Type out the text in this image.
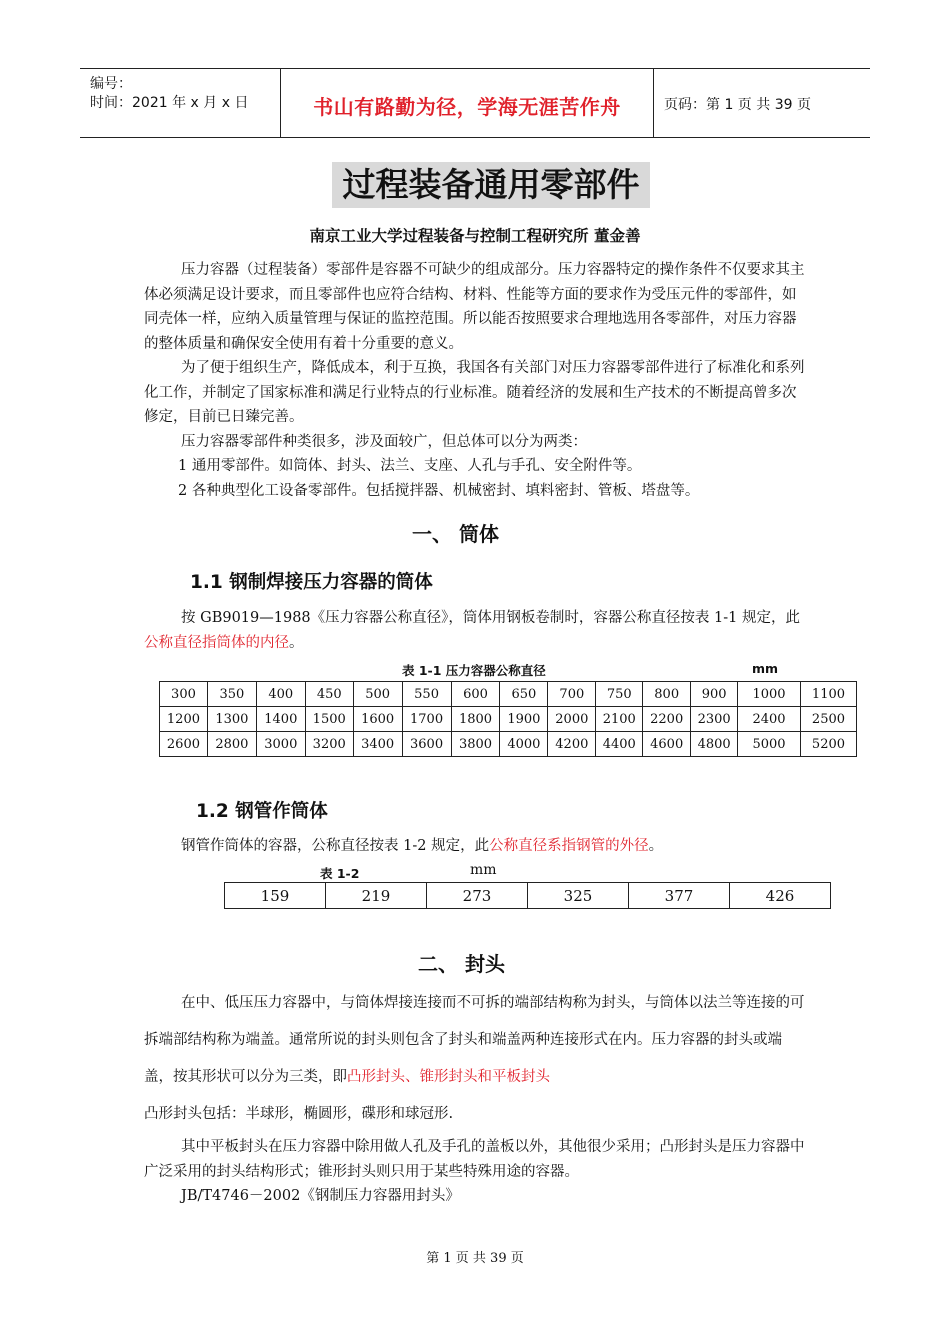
编号：
时间：2021 年 x 月 x 日	书山有路勤为径，学海无涯苦作舟	页码：第 1 页 共 39 页
过程装备通用零部件
南京工业大学过程装备与控制工程研究所 董金善

压力容器（过程装备）零部件是容器不可缺少的组成部分。压力容器特定的操作条件不仅要求其主体必须满足设计要求，而且零部件也应符合结构、材料、性能等方面的要求作为受压元件的零部件，如同壳体一样，应纳入质量管理与保证的监控范围。所以能否按照要求合理地选用各零部件，对压力容器的整体质量和确保安全使用有着十分重要的意义。

为了便于组织生产，降低成本，利于互换，我国各有关部门对压力容器零部件进行了标准化和系列化工作，并制定了国家标准和满足行业特点的行业标准。随着经济的发展和生产技术的不断提高曾多次修定，目前已日臻完善。

压力容器零部件种类很多，涉及面较广，但总体可以分为两类：

1 通用零部件。如筒体、封头、法兰、支座、人孔与手孔、安全附件等。

2 各种典型化工设备零部件。包括搅拌器、机械密封、填料密封、管板、塔盘等。

一、 筒体
1.1 钢制焊接压力容器的筒体

按 GB9019—1988《压力容器公称直径》，筒体用钢板卷制时，容器公称直径按表 1-1 规定，此公称直径指筒体的内径。

表 1-1 压力容器公称直径	mm
300	350	400	450	500	550	600	650	700	750	800	900	1000	1100
1200	1300	1400	1500	1600	1700	1800	1900	2000	2100	2200	2300	2400	2500
2600	2800	3000	3200	3400	3600	3800	4000	4200	4400	4600	4800	5000	5200
1.2 钢管作筒体

钢管作筒体的容器，公称直径按表 1-2 规定，此公称直径系指钢管的外径。

表 1-2	mm
159	219	273	325	377	426
二、 封头

在中、低压压力容器中，与筒体焊接连接而不可拆的端部结构称为封头，与筒体以法兰等连接的可拆端部结构称为端盖。通常所说的封头则包含了封头和端盖两种连接形式在内。压力容器的封头或端盖，按其形状可以分为三类，即凸形封头、锥形封头和平板封头

凸形封头包括：半球形，椭圆形，碟形和球冠形.

其中平板封头在压力容器中除用做人孔及手孔的盖板以外，其他很少采用；凸形封头是压力容器中广泛采用的封头结构形式；锥形封头则只用于某些特殊用途的容器。

JB/T4746－2002《钢制压力容器用封头》

第 1 页 共 39 页
